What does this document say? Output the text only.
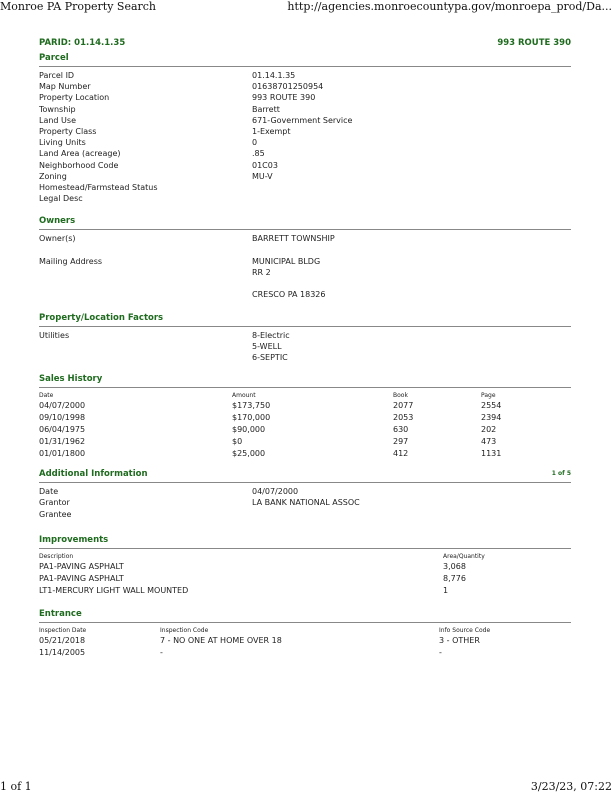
Monroe PA Property Search	http://agencies.monroecountypa.gov/monroepa_prod/Da...
PARID: 01.14.1.35	993 ROUTE 390
Parcel
Parcel ID	01.14.1.35
Map Number	01638701250954
Property Location	993 ROUTE 390
Township	Barrett
Land Use	671-Government Service
Property Class	1-Exempt
Living Units	0
Land Area (acreage)	.85
Neighborhood Code	01C03
Zoning	MU-V
Homestead/Farmstead Status
Legal Desc
Owners
Owner(s)	BARRETT TOWNSHIP
Mailing Address	MUNICIPAL BLDG
RR 2
CRESCO PA 18326
Property/Location Factors
Utilities	8-Electric
5-WELL
6-SEPTIC
Sales History
Date	Amount	Book	Page
04/07/2000	$173,750	2077	2554
09/10/1998	$170,000	2053	2394
06/04/1975	$90,000	630	202
01/31/1962	$0	297	473
01/01/1800	$25,000	412	1131
Additional Information	1 of 5
Date	04/07/2000
Grantor	LA BANK NATIONAL ASSOC
Grantee
Improvements
Description	Area/Quantity
PA1-PAVING ASPHALT	3,068
PA1-PAVING ASPHALT	8,776
LT1-MERCURY LIGHT WALL MOUNTED	1
Entrance
Inspection Date	Inspection Code	Info Source Code
05/21/2018	7 - NO ONE AT HOME OVER 18	3 - OTHER
11/14/2005	-	-
1 of 1	3/23/23, 07:22
